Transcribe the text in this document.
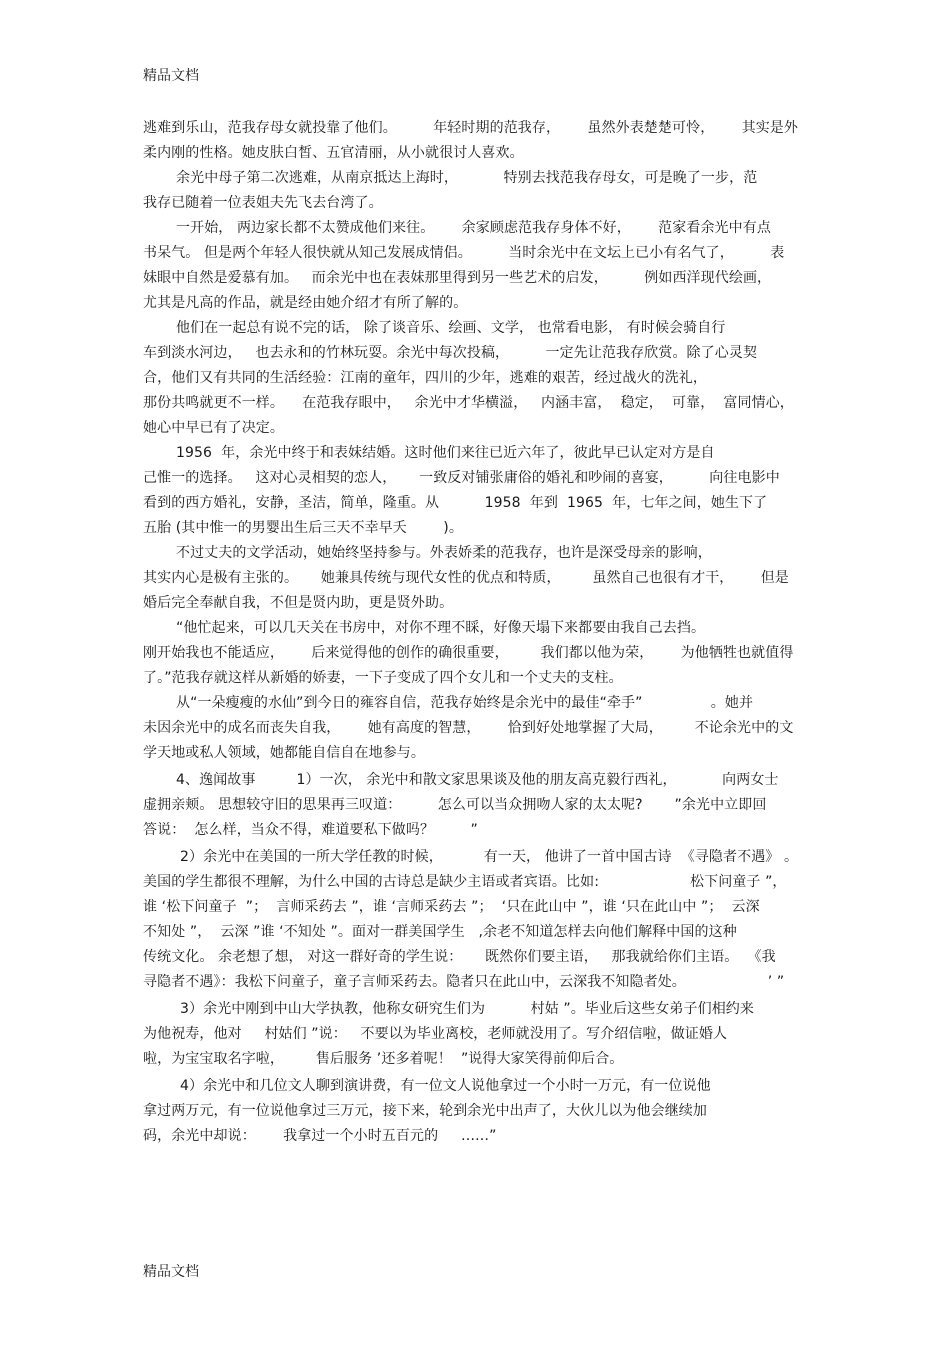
精品文档
逃难到乐山，范我存母女就投靠了他们。        年轻时期的范我存，      虽然外表楚楚可怜，      其实是外
柔内刚的性格。她皮肤白皙、五官清丽，从小就很讨人喜欢。
余光中母子第二次逃难，从南京抵达上海时，          特别去找范我存母女，可是晚了一步，范
我存已随着一位表姐夫先飞去台湾了。
一开始， 两边家长都不太赞成他们来往。      余家顾虑范我存身体不好，      范家看余光中有点
书呆气。 但是两个年轻人很快就从知己发展成情侣。        当时余光中在文坛上已小有名气了，        表
妹眼中自然是爱慕有加。   而余光中也在表妹那里得到另一些艺术的启发，        例如西洋现代绘画，
尤其是凡高的作品，就是经由她介绍才有所了解的。
他们在一起总有说不完的话， 除了谈音乐、绘画、文学， 也常看电影， 有时候会骑自行
车到淡水河边，   也去永和的竹林玩耍。余光中每次投稿，        一定先让范我存欣赏。除了心灵契
合，他们又有共同的生活经验：江南的童年，四川的少年，逃难的艰苦，经过战火的洗礼，
那份共鸣就更不一样。    在范我存眼中，   余光中才华横溢，   内涵丰富，  稳定，  可靠，  富同情心，
她心中早已有了决定。
1956  年，余光中终于和表妹结婚。这时他们来往已近六年了，彼此早已认定对方是自
己惟一的选择。   这对心灵相契的恋人，     一致反对铺张庸俗的婚礼和吵闹的喜宴，        向往电影中
看到的西方婚礼，安静，圣洁，简单，隆重。从          1958  年到  1965  年，七年之间，她生下了
五胎 (其中惟一的男婴出生后三天不幸早夭        )。
不过丈夫的文学活动，她始终坚持参与。外表娇柔的范我存，也许是深受母亲的影响，
其实内心是极有主张的。     她兼具传统与现代女性的优点和特质，       虽然自己也很有才干，      但是
婚后完全奉献自我，不但是贤内助，更是贤外助。
“他忙起来，可以几天关在书房中，对你不理不睬，好像天塌下来都要由我自己去挡。
刚开始我也不能适应，      后来觉得他的创作的确很重要，       我们都以他为荣，      为他牺牲也就值得
了。”范我存就这样从新婚的娇妻，一下子变成了四个女儿和一个丈夫的支柱。
从“一朵瘦瘦的水仙”到今日的雍容自信，范我存始终是余光中的最佳“牵手”               。她并
未因余光中的成名而丧失自我，      她有高度的智慧，      恰到好处地掌握了大局，       不论余光中的文
学天地或私人领域，她都能自信自在地参与。
4、逸闻故事         1）一次， 余光中和散文家思果谈及他的朋友高克毅行西礼，          向两女士
虚拥亲颊。 思想较守旧的思果再三叹道：        怎么可以当众拥吻人家的太太呢?       ”余光中立即回
答说：  怎么样，当众不得，难道要私下做吗？        ”
2）余光中在美国的一所大学任教的时候，         有一天， 他讲了一首中国古诗  《寻隐者不遇》 。
美国的学生都很不理解，为什么中国的古诗总是缺少主语或者宾语。比如:                    松下问童子 ”，
谁 ‘松下问童子  ”；  言师采药去 ”，谁 ‘言师采药去 ”；  ‘只在此山中 ”，谁 ‘只在此山中 ”；  云深
不知处 ”，  云深 ”谁 ‘不知处 ”。面对一群美国学生   ,余老不知道怎样去向他们解释中国的这种
传统文化。 余老想了想， 对这一群好奇的学生说：     既然你们要主语，   那我就给你们主语。  《我
寻隐者不遇》：我松下问童子，童子言师采药去。隐者只在此山中，云深我不知隐者处。                  ’ ”
3）余光中刚到中山大学执教，他称女研究生们为          村姑 ”。毕业后这些女弟子们相约来
为他祝寿，他对     村姑们 ”说：   不要以为毕业离校，老师就没用了。写介绍信啦，做证婚人
啦，为宝宝取名字啦，       售后服务 ’还多着呢！  ”说得大家笑得前仰后合。
4）余光中和几位文人聊到演讲费，有一位文人说他拿过一个小时一万元，有一位说他
拿过两万元，有一位说他拿过三万元，接下来，轮到余光中出声了，大伙儿以为他会继续加
码，余光中却说：      我拿过一个小时五百元的     ……”
精品文档
